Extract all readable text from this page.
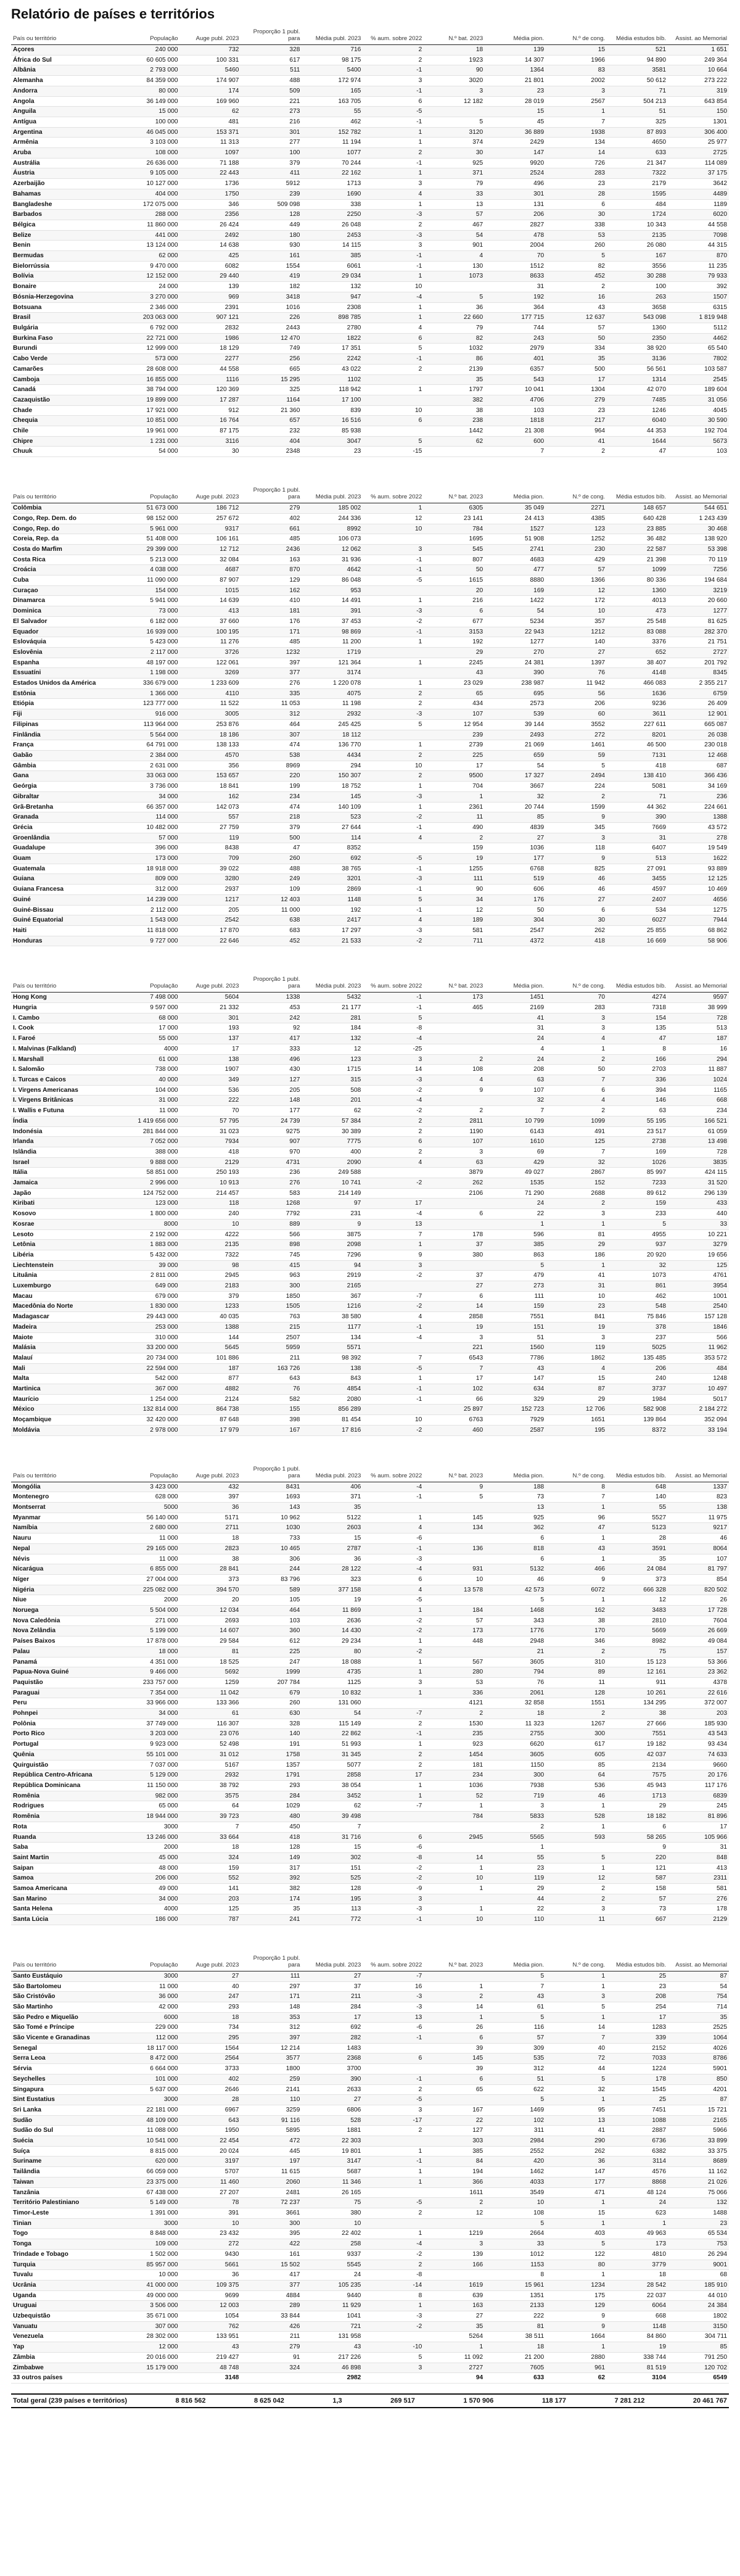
Relatório de países e territórios
País ou território	População	Auge publ. 2023	Proporção 1 publ. para	Média publ. 2023	% aum. sobre 2022	N.º bat. 2023	Média pion.	N.º de cong.	Média estudos bíb.	Assist. ao Memorial
Açores	240 000	732	328	716	2	18	139	15	521	1 651
África do Sul	60 605 000	100 331	617	98 175	2	1923	14 307	1966	94 890	249 364
Albânia	2 793 000	5460	511	5400	-1	90	1364	83	3581	10 664
Alemanha	84 359 000	174 907	488	172 974	3	3020	21 801	2002	50 612	273 222
Andorra	80 000	174	509	165	-1	3	23	3	71	319
Angola	36 149 000	169 960	221	163 705	6	12 182	28 019	2567	504 213	643 854
Anguila	15 000	62	273	55	-5		15	1	51	150
Antígua	100 000	481	216	462	-1	5	45	7	325	1301
Argentina	46 045 000	153 371	301	152 782	1	3120	36 889	1938	87 893	306 400
Armênia	3 103 000	11 313	277	11 194	1	374	2429	134	4650	25 977
Aruba	108 000	1097	100	1077	2	30	147	14	633	2725
Austrália	26 636 000	71 188	379	70 244	-1	925	9920	726	21 347	114 089
Áustria	9 105 000	22 443	411	22 162	1	371	2524	283	7322	37 175
Azerbaijão	10 127 000	1736	5912	1713	3	79	496	23	2179	3642
Bahamas	404 000	1750	239	1690	4	33	301	28	1595	4489
Bangladeshe	172 075 000	346	509 098	338	1	13	131	6	484	1189
Barbados	288 000	2356	128	2250	-3	57	206	30	1724	6020
Bélgica	11 860 000	26 424	449	26 048	2	467	2827	338	10 343	44 558
Belize	441 000	2492	180	2453	-3	54	478	53	2135	7098
Benin	13 124 000	14 638	930	14 115	3	901	2004	260	26 080	44 315
Bermudas	62 000	425	161	385	-1	4	70	5	167	870
Bielorrússia	9 470 000	6082	1554	6061	-1	130	1512	82	3556	11 235
Bolívia	12 152 000	29 440	419	29 034	1	1073	8633	452	30 288	79 933
Bonaire	24 000	139	182	132	10		31	2	100	392
Bósnia-Herzegovina	3 270 000	969	3418	947	-4	5	192	16	263	1507
Botsuana	2 346 000	2391	1016	2308	1	36	364	43	3658	6315
Brasil	203 063 000	907 121	226	898 785	1	22 660	177 715	12 637	543 098	1 819 948
Bulgária	6 792 000	2832	2443	2780	4	79	744	57	1360	5112
Burkina Faso	22 721 000	1986	12 470	1822	6	82	243	50	2350	4462
Burundi	12 999 000	18 129	749	17 351	5	1032	2979	334	38 920	65 540
Cabo Verde	573 000	2277	256	2242	-1	86	401	35	3136	7802
Camarões	28 608 000	44 558	665	43 022	2	2139	6357	500	56 561	103 587
Camboja	16 855 000	1116	15 295	1102		35	543	17	1314	2545
Canadá	38 794 000	120 369	325	118 942	1	1797	10 041	1304	42 070	189 604
Cazaquistão	19 899 000	17 287	1164	17 100		382	4706	279	7485	31 056
Chade	17 921 000	912	21 360	839	10	38	103	23	1246	4045
Chequia	10 851 000	16 764	657	16 516	6	238	1818	217	6040	30 590
Chile	19 961 000	87 175	232	85 938		1442	21 308	964	44 353	192 704
Chipre	1 231 000	3116	404	3047	5	62	600	41	1644	5673
Chuuk	54 000	30	2348	23	-15		7	2	47	103
País ou território	População	Auge publ. 2023	Proporção 1 publ. para	Média publ. 2023	% aum. sobre 2022	N.º bat. 2023	Média pion.	N.º de cong.	Média estudos bíb.	Assist. ao Memorial
Colômbia	51 673 000	186 712	279	185 002	1	6305	35 049	2271	148 657	544 651
Congo, Rep. Dem. do	98 152 000	257 672	402	244 336	12	23 141	24 413	4385	640 428	1 243 439
Congo, Rep. do	5 961 000	9317	661	8992	10	784	1527	123	23 885	30 468
Coreia, Rep. da	51 408 000	106 161	485	106 073		1695	51 908	1252	36 482	138 920
Costa do Marfim	29 399 000	12 712	2436	12 062	3	545	2741	230	22 587	53 398
Costa Rica	5 213 000	32 084	163	31 936	-1	807	4683	429	21 398	70 119
Croácia	4 038 000	4687	870	4642	-1	50	477	57	1099	7256
Cuba	11 090 000	87 907	129	86 048	-5	1615	8880	1366	80 336	194 684
Curaçao	154 000	1015	162	953		20	169	12	1360	3219
Dinamarca	5 941 000	14 639	410	14 491	1	216	1422	172	4013	20 660
Dominica	73 000	413	181	391	-3	6	54	10	473	1277
El Salvador	6 182 000	37 660	176	37 453	-2	677	5234	357	25 548	81 625
Equador	16 939 000	100 195	171	98 869	-1	3153	22 943	1212	83 088	282 370
Eslováquia	5 423 000	11 276	485	11 200	1	192	1277	140	3376	21 751
Eslovênia	2 117 000	3726	1232	1719		29	270	27	652	2727
Espanha	48 197 000	122 061	397	121 364	1	2245	24 381	1397	38 407	201 792
Essuatíni	1 198 000	3269	377	3174		43	390	76	4148	8345
Estados Unidos da América	336 679 000	1 233 609	276	1 220 078	1	23 029	238 987	11 942	466 083	2 355 217
Estônia	1 366 000	4110	335	4075	2	65	695	56	1636	6759
Etiópia	123 777 000	11 522	11 053	11 198	2	434	2573	206	9236	26 409
Fiji	916 000	3005	312	2932	-3	107	539	60	3611	12 901
Filipinas	113 964 000	253 876	464	245 425	5	12 954	39 144	3552	227 611	665 087
Finlândia	5 564 000	18 186	307	18 112		239	2493	272	8201	26 038
França	64 791 000	138 133	474	136 770	1	2739	21 069	1461	46 500	230 018
Gabão	2 384 000	4570	538	4434	2	225	659	59	7131	12 468
Gâmbia	2 631 000	356	8969	294	10	17	54	5	418	687
Gana	33 063 000	153 657	220	150 307	2	9500	17 327	2494	138 410	366 436
Geórgia	3 736 000	18 841	199	18 752	1	704	3667	224	5081	34 169
Gibraltar	34 000	162	234	145	-3	1	32	2	71	236
Grã-Bretanha	66 357 000	142 073	474	140 109	1	2361	20 744	1599	44 362	224 661
Granada	114 000	557	218	523	-2	11	85	9	390	1388
Grécia	10 482 000	27 759	379	27 644	-1	490	4839	345	7669	43 572
Groenlândia	57 000	119	500	114	4	2	27	3	31	278
Guadalupe	396 000	8438	47	8352		159	1036	118	6407	19 549
Guam	173 000	709	260	692	-5	19	177	9	513	1622
Guatemala	18 918 000	39 022	488	38 765	-1	1255	6768	825	27 091	93 889
Guiana	809 000	3280	249	3201	-3	111	519	46	3455	12 125
Guiana Francesa	312 000	2937	109	2869	-1	90	606	46	4597	10 469
Guiné	14 239 000	1217	12 403	1148	5	34	176	27	2407	4656
Guiné-Bissau	2 112 000	205	11 000	192	-1	12	50	6	534	1275
Guiné Equatorial	1 543 000	2542	638	2417	4	189	304	30	6027	7944
Haiti	11 818 000	17 870	683	17 297	-3	581	2547	262	25 855	68 862
Honduras	9 727 000	22 646	452	21 533	-2	711	4372	418	16 669	58 906
País ou território	População	Auge publ. 2023	Proporção 1 publ. para	Média publ. 2023	% aum. sobre 2022	N.º bat. 2023	Média pion.	N.º de cong.	Média estudos bíb.	Assist. ao Memorial
Hong Kong	7 498 000	5604	1338	5432	-1	173	1451	70	4274	9597
Hungria	9 597 000	21 332	453	21 177	-1	465	2169	283	7318	38 999
I. Cambo	68 000	301	242	281	5		41	3	154	728
I. Cook	17 000	193	92	184	-8		31	3	135	513
I. Faroé	55 000	137	417	132	-4		24	4	47	187
I. Malvinas (Falkland)	4000	17	333	12	-25		4	1	8	16
I. Marshall	61 000	138	496	123	3	2	24	2	166	294
I. Salomão	738 000	1907	430	1715	14	108	208	50	2703	11 887
I. Turcas e Caicos	40 000	349	127	315	-3	4	63	7	336	1024
I. Virgens Americanas	104 000	536	205	508	-2	9	107	6	394	1165
I. Virgens Britânicas	31 000	222	148	201	-4		32	4	146	668
I. Wallis e Futuna	11 000	70	177	62	-2	2	7	2	63	234
Índia	1 419 656 000	57 795	24 739	57 384	2	2811	10 799	1099	55 195	166 521
Indonésia	281 844 000	31 023	9275	30 389	2	1190	6143	491	23 517	61 059
Irlanda	7 052 000	7934	907	7775	6	107	1610	125	2738	13 498
Islândia	388 000	418	970	400	2	3	69	7	169	728
Israel	9 888 000	2129	4731	2090	4	63	429	32	1026	3835
Itália	58 851 000	250 193	236	249 588		3879	49 027	2867	85 997	424 115
Jamaica	2 996 000	10 913	276	10 741	-2	262	1535	152	7233	31 520
Japão	124 752 000	214 457	583	214 149		2106	71 290	2688	89 612	296 139
Kiribati	123 000	118	1268	97	17		24	2	159	433
Kosovo	1 800 000	240	7792	231	-4	6	22	3	233	440
Kosrae	8000	10	889	9	13		1	1	5	33
Lesoto	2 192 000	4222	566	3875	7	178	596	81	4955	10 221
Letônia	1 883 000	2135	898	2098	1	37	385	29	937	3279
Libéria	5 432 000	7322	745	7296	9	380	863	186	20 920	19 656
Liechtenstein	39 000	98	415	94	3		5	1	32	125
Lituânia	2 811 000	2945	963	2919	-2	37	479	41	1073	4761
Luxemburgo	649 000	2183	300	2165		27	273	31	861	3954
Macau	679 000	379	1850	367	-7	6	111	10	462	1001
Macedônia do Norte	1 830 000	1233	1505	1216	-2	14	159	23	548	2540
Madagascar	29 443 000	40 035	763	38 580	4	2858	7551	841	75 846	157 128
Madeira	253 000	1388	215	1177	-1	19	151	19	378	1846
Maiote	310 000	144	2507	134	-4	3	51	3	237	566
Malásia	33 200 000	5645	5959	5571		221	1560	119	5025	11 962
Malauí	20 734 000	101 886	211	98 392	7	6543	7786	1862	135 485	353 572
Mali	22 594 000	187	163 726	138	-5	7	43	4	206	484
Malta	542 000	877	643	843	1	17	147	15	240	1248
Martinica	367 000	4882	76	4854	-1	102	634	87	3737	10 497
Maurício	1 254 000	2124	582	2080	-1	66	329	29	1984	5017
México	132 814 000	864 738	155	856 289		25 897	152 723	12 706	582 908	2 184 272
Moçambique	32 420 000	87 648	398	81 454	10	6763	7929	1651	139 864	352 094
Moldávia	2 978 000	17 979	167	17 816	-2	460	2587	195	8372	33 194
País ou território	População	Auge publ. 2023	Proporção 1 publ. para	Média publ. 2023	% aum. sobre 2022	N.º bat. 2023	Média pion.	N.º de cong.	Média estudos bíb.	Assist. ao Memorial
Mongólia	3 423 000	432	8431	406	-4	9	188	8	648	1337
Montenegro	628 000	397	1693	371	-1	5	73	7	140	823
Montserrat	5000	36	143	35			13	1	55	138
Myanmar	56 140 000	5171	10 962	5122	1	145	925	96	5527	11 975
Namíbia	2 680 000	2711	1030	2603	4	134	362	47	5123	9217
Nauru	11 000	18	733	15	-6		6	1	28	46
Nepal	29 165 000	2823	10 465	2787	-1	136	818	43	3591	8064
Névis	11 000	38	306	36	-3		6	1	35	107
Nicarágua	6 855 000	28 841	244	28 122	-4	931	5132	466	24 084	81 797
Níger	27 004 000	373	83 796	323	6	10	46	9	373	854
Nigéria	225 082 000	394 570	589	377 158	4	13 578	42 573	6072	666 328	820 502
Niue	2000	20	105	19	-5		5	1	12	26
Noruega	5 504 000	12 034	464	11 869	1	184	1468	162	3483	17 728
Nova Caledônia	271 000	2693	103	2636	-2	57	343	38	2810	7604
Nova Zelândia	5 199 000	14 607	360	14 430	-2	173	1776	170	5669	26 669
Países Baixos	17 878 000	29 584	612	29 234	1	448	2948	346	8982	49 084
Palau	18 000	81	225	80	-2		21	2	75	157
Panamá	4 351 000	18 525	247	18 088	1	567	3605	310	15 123	53 366
Papua-Nova Guiné	9 466 000	5692	1999	4735	1	280	794	89	12 161	23 362
Paquistão	233 757 000	1259	207 784	1125	3	53	76	11	911	4378
Paraguai	7 354 000	11 042	679	10 832	1	336	2061	128	10 261	22 616
Peru	33 966 000	133 366	260	131 060		4121	32 858	1551	134 295	372 007
Pohnpei	34 000	61	630	54	-7	2	18	2	38	203
Polônia	37 749 000	116 307	328	115 149	2	1530	11 323	1267	27 666	185 930
Porto Rico	3 203 000	23 076	140	22 862	-1	235	2755	300	7551	43 543
Portugal	9 923 000	52 498	191	51 993	1	923	6620	617	19 182	93 434
Quênia	55 101 000	31 012	1758	31 345	2	1454	3605	605	42 037	74 633
Quirguistão	7 037 000	5167	1357	5077	2	181	1150	85	2134	9660
República Centro-Africana	5 129 000	2932	1791	2858	17	234	300	64	7575	20 176
República Dominicana	11 150 000	38 792	293	38 054	1	1036	7938	536	45 943	117 176
Romênia	982 000	3575	284	3452	1	52	719	46	1713	6839
Rodrigues	65 000	64	1029	62	-7	1	3	1	29	245
Romênia	18 944 000	39 723	480	39 498		784	5833	528	18 182	81 896
Rota	3000	7	450	7			2	1	6	17
Ruanda	13 246 000	33 664	418	31 716	6	2945	5565	593	58 265	105 966
Saba	2000	18	128	15	-6		1		9	31
Saint Martin	45 000	324	149	302	-8	14	55	5	220	848
Saipan	48 000	159	317	151	-2	1	23	1	121	413
Samoa	206 000	552	392	525	-2	10	119	12	587	2311
Samoa Americana	49 000	141	382	128	-9	1	29	2	158	581
San Marino	34 000	203	174	195	3		44	2	57	276
Santa Helena	4000	125	35	113	-3	1	22	3	73	178
Santa Lúcia	186 000	787	241	772	-1	10	110	11	667	2129
País ou território	População	Auge publ. 2023	Proporção 1 publ. para	Média publ. 2023	% aum. sobre 2022	N.º bat. 2023	Média pion.	N.º de cong.	Média estudos bíb.	Assist. ao Memorial
Santo Eustáquio	3000	27	111	27	-7		5	1	25	87
São Bartolomeu	11 000	40	297	37	16	1	7	1	23	54
São Cristóvão	36 000	247	171	211	-3	2	43	3	208	754
São Martinho	42 000	293	148	284	-3	14	61	5	254	714
São Pedro e Miquelão	6000	18	353	17	13	1	5	1	17	35
São Tomé e Príncipe	229 000	734	312	692	-6	26	116	14	1283	2525
São Vicente e Granadinas	112 000	295	397	282	-1	6	57	7	339	1064
Senegal	18 117 000	1564	12 214	1483		39	309	40	2152	4026
Serra Leoa	8 472 000	2564	3577	2368	6	145	535	72	7033	8786
Sérvia	6 664 000	3733	1800	3700		39	312	44	1224	5901
Seychelles	101 000	402	259	390	-1	6	51	5	178	850
Singapura	5 637 000	2646	2141	2633	2	65	622	32	1545	4201
Sint Eustatius	3000	28	110	27	-5		5	1	25	87
Sri Lanka	22 181 000	6967	3259	6806	3	167	1469	95	7451	15 721
Sudão	48 109 000	643	91 116	528	-17	22	102	13	1088	2165
Sudão do Sul	11 088 000	1950	5895	1881	2	127	311	41	2887	5966
Suécia	10 541 000	22 454	472	22 303		303	2984	290	6736	33 899
Suíça	8 815 000	20 024	445	19 801	1	385	2552	262	6382	33 375
Suriname	620 000	3197	197	3147	-1	84	420	36	3114	8689
Tailândia	66 059 000	5707	11 615	5687	1	194	1462	147	4576	11 162
Taiwan	23 375 000	11 460	2060	11 346	1	366	4033	177	8868	21 026
Tanzânia	67 438 000	27 207	2481	26 165		1611	3549	471	48 124	75 066
Território Palestiniano	5 149 000	78	72 237	75	-5	2	10	1	24	132
Timor-Leste	1 391 000	391	3661	380	2	12	108	15	623	1488
Tinian	3000	10	300	10			5	1	1	23
Togo	8 848 000	23 432	395	22 402	1	1219	2664	403	49 963	65 534
Tonga	109 000	272	422	258	-4	3	33	5	173	753
Trindade e Tobago	1 502 000	9430	161	9337	-2	139	1012	122	4810	26 294
Turquia	85 957 000	5661	15 502	5545	2	166	1153	80	3779	9001
Tuvalu	10 000	36	417	24	-8		8	1	18	68
Ucrânia	41 000 000	109 375	377	105 235	-14	1619	15 961	1234	28 542	185 910
Uganda	49 000 000	9699	4884	9440	8	639	1351	175	22 037	44 010
Uruguai	3 506 000	12 003	289	11 929	1	163	2133	129	6064	24 384
Uzbequistão	35 671 000	1054	33 844	1041	-3	27	222	9	668	1802
Vanuatu	307 000	762	426	721	-2	35	81	9	1148	3150
Venezuela	28 302 000	133 951	211	131 958		5264	38 511	1664	84 860	304 711
Yap	12 000	43	279	43	-10	1	18	1	19	85
Zâmbia	20 016 000	219 427	91	217 226	5	11 092	21 200	2880	338 744	791 250
Zimbabwe	15 179 000	48 748	324	46 898	3	2727	7605	961	81 519	120 702
33 outros países		3148		2982		94	633	62	3104	6549
Total geral (239 países e territórios)	8 816 562	8 625 042	1,3	269 517	1 570 906	118 177	7 281 212	20 461 767
